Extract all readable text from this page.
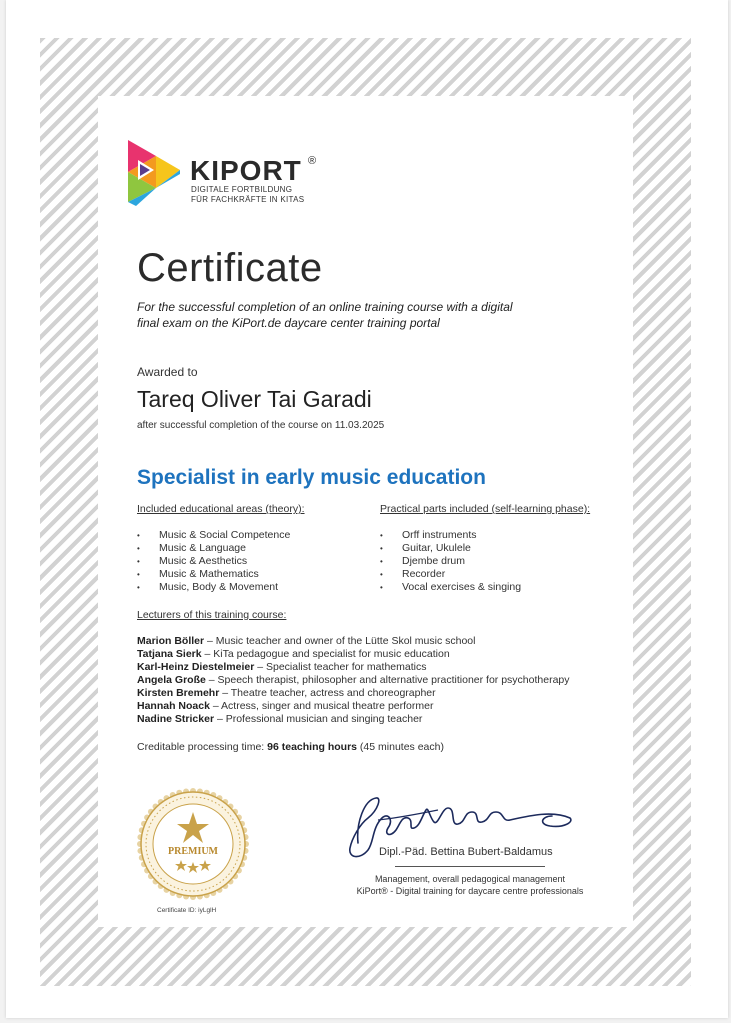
KIPORT ®
DIGITALE FORTBILDUNG
FÜR FACHKRÄFTE IN KITAS
Certificate
For the successful completion of an online training course with a digital final exam on the KiPort.de daycare center training portal
Awarded to
Tareq Oliver Tai Garadi
after successful completion of the course on 11.03.2025
Specialist in early music education
Included educational areas (theory):
• Music & Social Competence
• Music & Language
• Music & Aesthetics
• Music & Mathematics
• Music, Body & Movement
Practical parts included (self-learning phase):
• Orff instruments
• Guitar, Ukulele
• Djembe drum
• Recorder
• Vocal exercises & singing
Lecturers of this training course:
Marion Böller – Music teacher and owner of the Lütte Skol music school
Tatjana Sierk – KiTa pedagogue and specialist for music education
Karl-Heinz Diestelmeier – Specialist teacher for mathematics
Angela Große – Speech therapist, philosopher and alternative practitioner for psychotherapy
Kirsten Bremehr – Theatre teacher, actress and choreographer
Hannah Noack – Actress, singer and musical theatre performer
Nadine Stricker – Professional musician and singing teacher
Creditable processing time: 96 teaching hours (45 minutes each)
PREMIUM
Certificate ID: iyLglH
Dipl.-Päd. Bettina Bubert-Baldamus
Management, overall pedagogical management
KiPort® - Digital training for daycare centre professionals
